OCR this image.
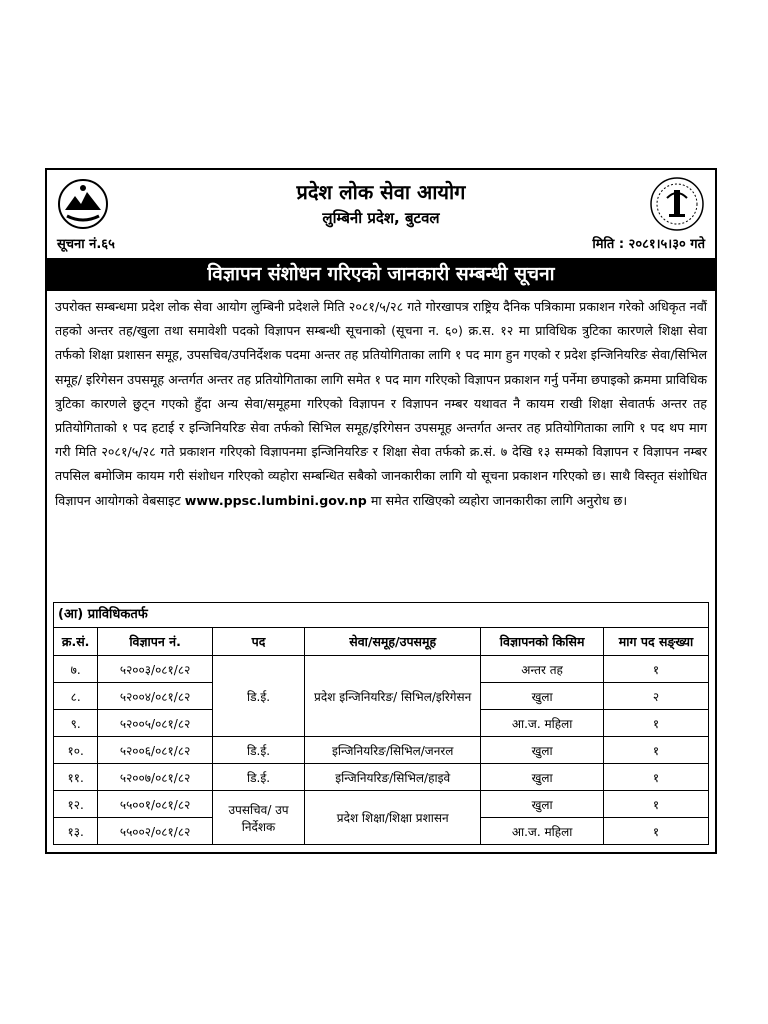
प्रदेश लोक सेवा आयोग
लुम्बिनी प्रदेश, बुटवल
सूचना नं.६५	मिति : २०८१।५।३० गते
विज्ञापन संशोधन गरिएको जानकारी सम्बन्धी सूचना
उपरोक्त सम्बन्धमा प्रदेश लोक सेवा आयोग लुम्बिनी प्रदेशले मिति २०८१/५/२८ गते गोरखापत्र राष्ट्रिय दैनिक पत्रिकामा प्रकाशन गरेको अधिकृत नवौं तहको अन्तर तह/खुला तथा समावेशी पदको विज्ञापन सम्बन्धी सूचनाको (सूचना न. ६०) क्र.स. १२ मा प्राविधिक त्रुटिका कारणले शिक्षा सेवा तर्फको शिक्षा प्रशासन समूह, उपसचिव/उपनिर्देशक पदमा अन्तर तह प्रतियोगिताका लागि १ पद माग हुन गएको र प्रदेश इन्जिनियरिङ सेवा/सिभिल समूह/ इरिगेसन उपसमूह अन्तर्गत अन्तर तह प्रतियोगिताका लागि समेत १ पद माग गरिएको विज्ञापन प्रकाशन गर्नु पर्नेमा छपाइको क्रममा प्राविधिक त्रुटिका कारणले छुट्न गएको हुँदा अन्य सेवा/समूहमा गरिएको विज्ञापन र विज्ञापन नम्बर यथावत नै कायम राखी शिक्षा सेवातर्फ अन्तर तह प्रतियोगिताको १ पद हटाई र इन्जिनियरिङ सेवा तर्फको सिभिल समूह/इरिगेसन उपसमूह अन्तर्गत अन्तर तह प्रतियोगिताका लागि १ पद थप माग गरी मिति २०८१/५/२८ गते प्रकाशन गरिएको विज्ञापनमा इन्जिनियरिङ र शिक्षा सेवा तर्फको क्र.सं. ७ देखि १३ सम्मको विज्ञापन र विज्ञापन नम्बर तपसिल बमोजिम कायम गरी संशोधन गरिएको व्यहोरा सम्बन्धित सबैको जानकारीका लागि यो सूचना प्रकाशन गरिएको छ। साथै विस्तृत संशोधित विज्ञापन आयोगको वेबसाइट www.ppsc.lumbini.gov.np मा समेत राखिएको व्यहोरा जानकारीका लागि अनुरोध छ।
(आ) प्राविधिकतर्फ
क्र.सं.	विज्ञापन नं.	पद	सेवा/समूह/उपसमूह	विज्ञापनको किसिम	माग पद सङ्ख्या
७.	५२००३/०८१/८२	डि.ई.	प्रदेश इन्जिनियरिङ/ सिभिल/इरिगेसन	अन्तर तह	१
८.	५२००४/०८१/८२			खुला	२
९.	५२००५/०८१/८२			आ.ज. महिला	१
१०.	५२००६/०८१/८२	डि.ई.	इन्जिनियरिङ/सिभिल/जनरल	खुला	१
११.	५२००७/०८१/८२	डि.ई.	इन्जिनियरिङ/सिभिल/हाइवे	खुला	१
१२.	५५००१/०८१/८२	उपसचिव/ उप निर्देशक	प्रदेश शिक्षा/शिक्षा प्रशासन	खुला	१
१३.	५५००२/०८१/८२			आ.ज. महिला	१
